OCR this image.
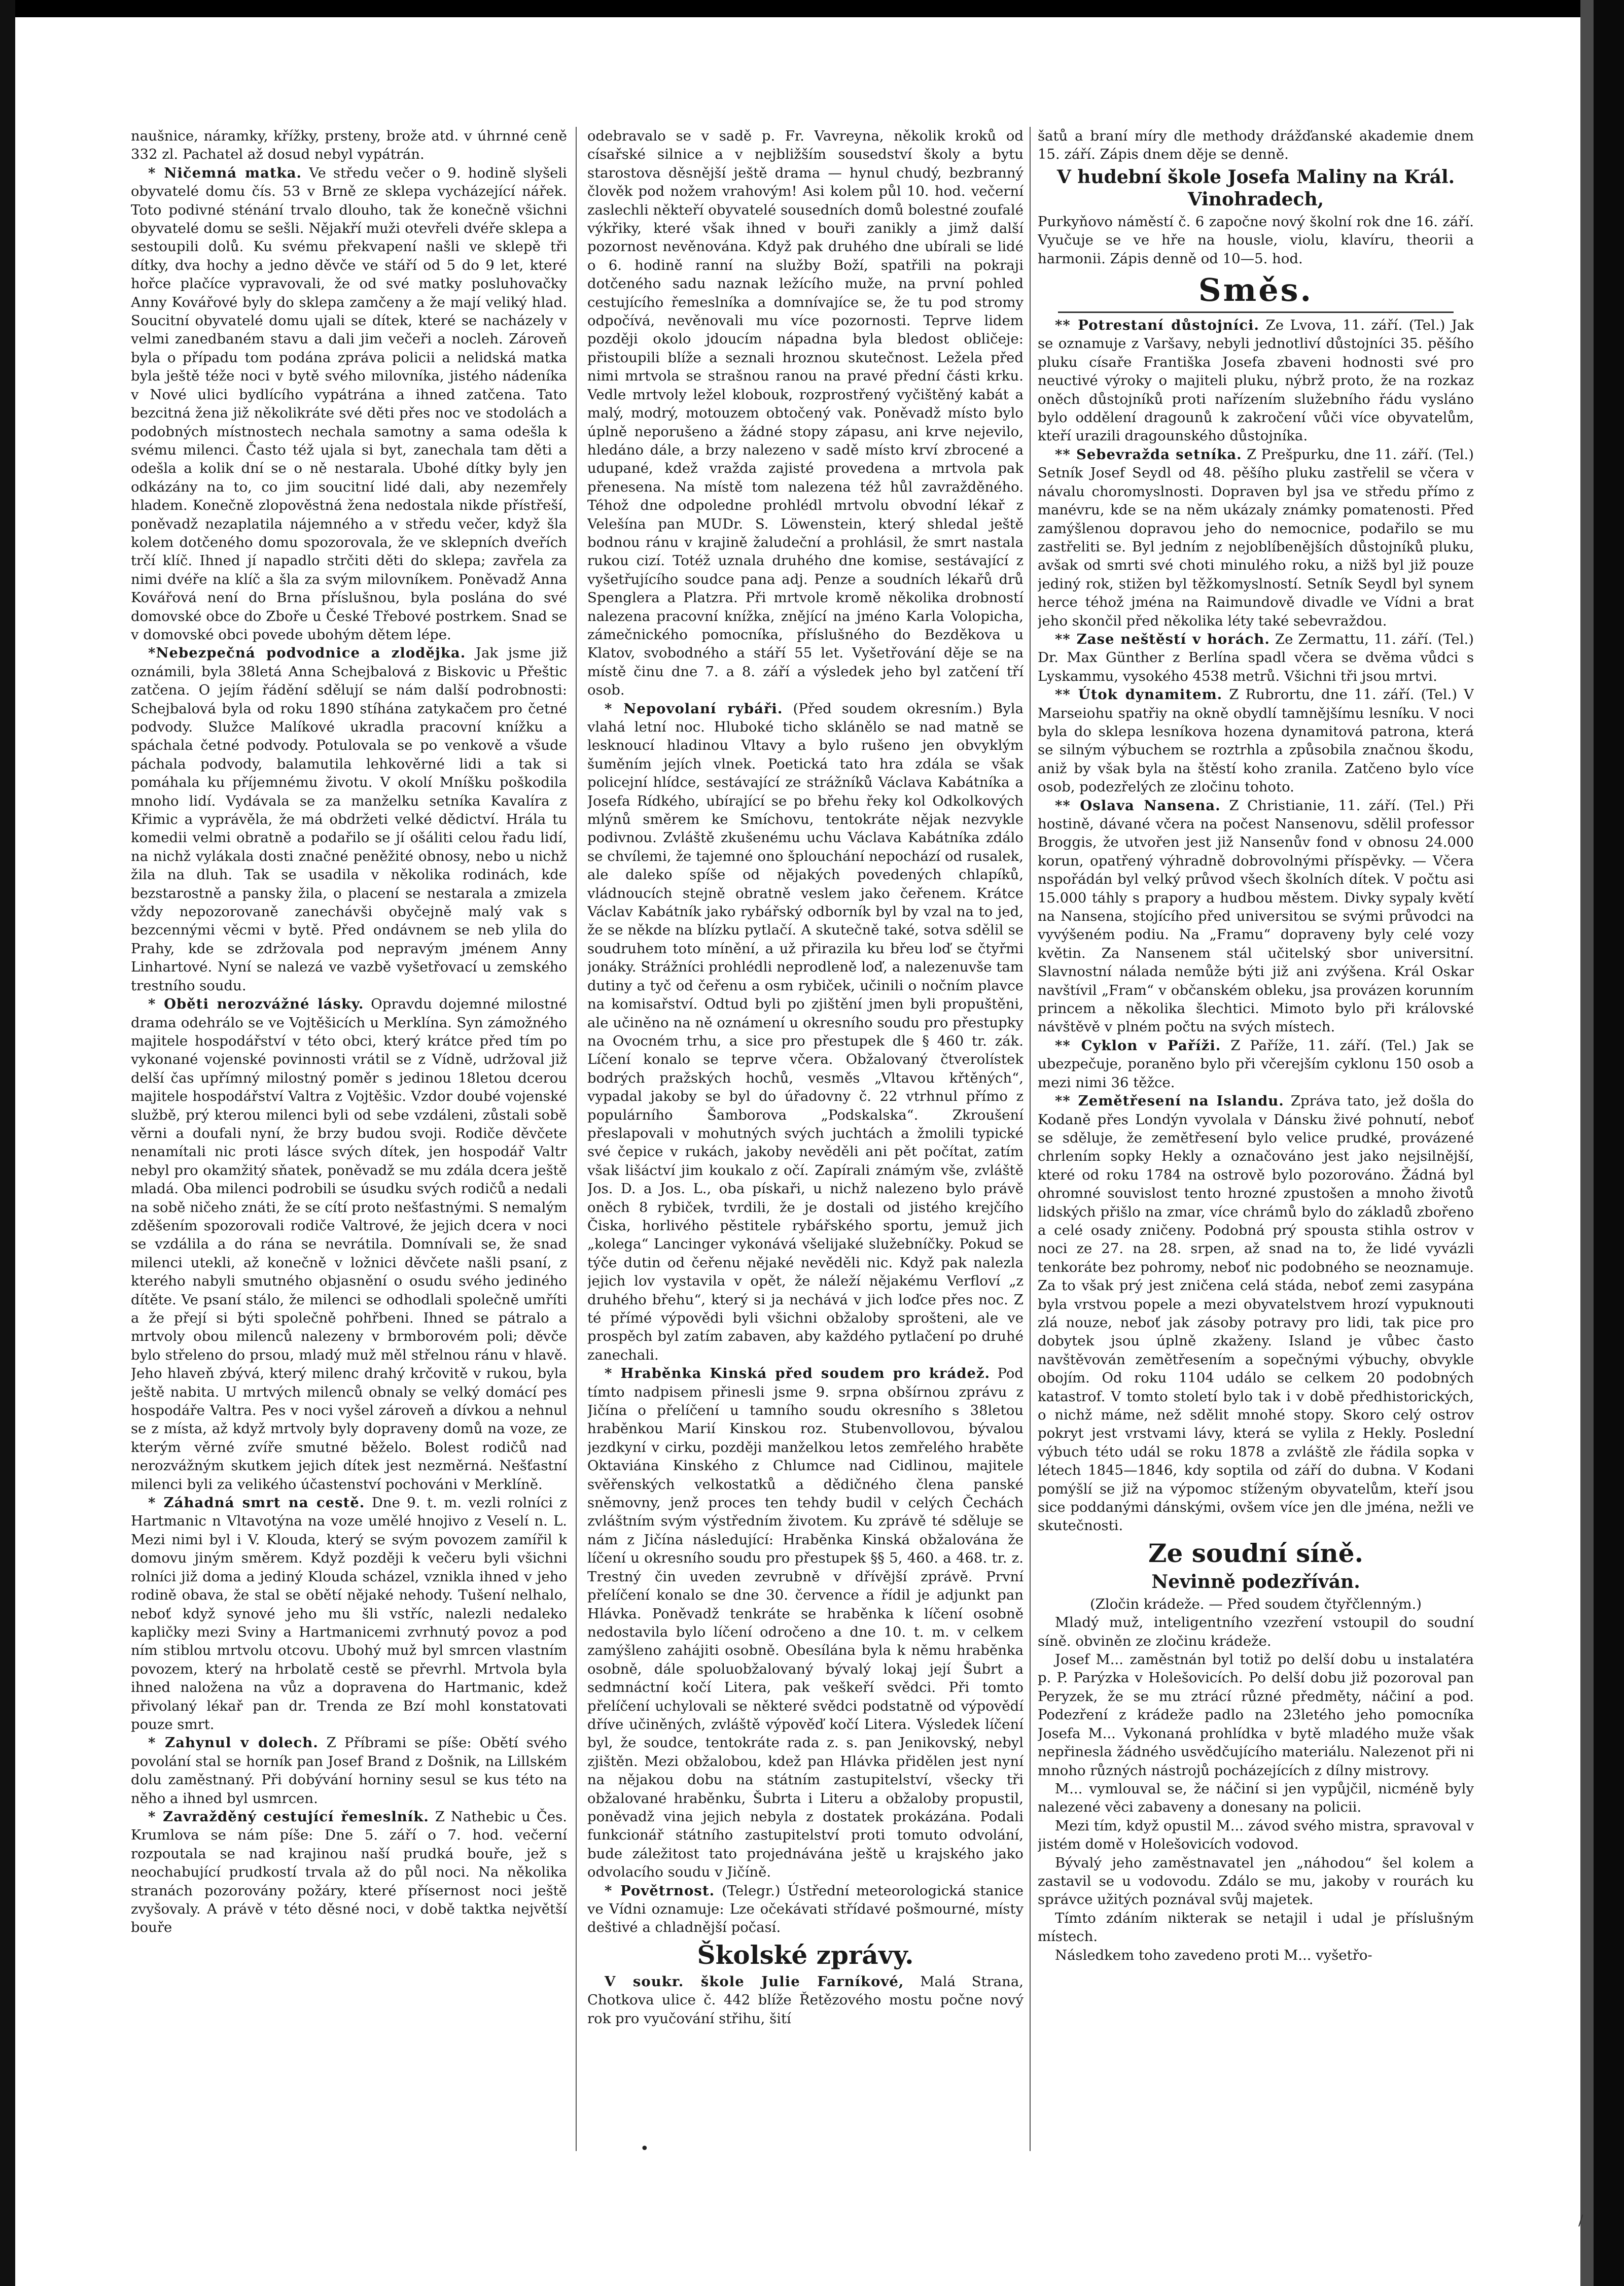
naušnice, náramky, křížky, prsteny, brože atd. v úhrnné ceně 332 zl. Pachatel až dosud nebyl vypátrán.

* Ničemná matka. Ve středu večer o 9. hodině slyšeli obyvatelé domu čís. 53 v Brně ze sklepa vycházející nářek. Toto podivné sténání trvalo dlouho, tak že konečně všichni obyvatelé domu se sešli. Nějakří muži otevřeli dvéře sklepa a sestoupili dolů. Ku svému překvapení našli ve sklepě tři dítky, dva hochy a jedno děvče ve stáří od 5 do 9 let, které hořce plačíce vypravovali, že od své matky posluhovačky Anny Kovářové byly do sklepa zamčeny a že mají veliký hlad. Soucitní obyvatelé domu ujali se dítek, které se nacházely v velmi zanedbaném stavu a dali jim večeři a nocleh. Zároveň byla o případu tom podána zpráva policii a nelidská matka byla ještě téže noci v bytě svého milovníka, jistého nádeníka v Nové ulici bydlícího vypátrána a ihned zatčena. Tato bezcitná žena již několikráte své děti přes noc ve stodolách a podobných místnostech nechala samotny a sama odešla k svému milenci. Často též ujala si byt, zanechala tam děti a odešla a kolik dní se o ně nestarala. Ubohé dítky byly jen odkázány na to, co jim soucitní lidé dali, aby nezemřely hladem. Konečně zlopověstná žena nedostala nikde přístřeší, poněvadž nezaplatila nájemného a v středu večer, když šla kolem dotčeného domu spozorovala, že ve sklepních dveřích trčí klíč. Ihned jí napadlo strčiti děti do sklepa; zavřela za nimi dvéře na klíč a šla za svým milovníkem. Poněvadž Anna Kovářová není do Brna příslušnou, byla poslána do své domovské obce do Zboře u České Třebové postrkem. Snad se v domovské obci povede ubohým dětem lépe.

*Nebezpečná podvodnice a zlodějka. Jak jsme již oznámili, byla 38letá Anna Schejbalová z Biskovic u Přeštic zatčena. O jejím řádění sdělují se nám další podrobnosti: Schejbalová byla od roku 1890 stíhána zatykačem pro četné podvody. Služce Malíkové ukradla pracovní knížku a spáchala četné podvody. Potulovala se po venkově a všude páchala podvody, balamutila lehkověrné lidi a tak si pomáhala ku příjemnému životu. V okolí Mníšku poškodila mnoho lidí. Vydávala se za manželku setníka Kavalíra z Křimic a vyprávěla, že má obdržeti velké dědictví. Hrála tu komedii velmi obratně a podařilo se jí ošáliti celou řadu lidí, na nichž vylákala dosti značné peněžité obnosy, nebo u nichž žila na dluh. Tak se usadila v několika rodinách, kde bezstarostně a pansky žila, o placení se nestarala a zmizela vždy nepozorovaně zanechávši obyčejně malý vak s bezcennými věcmi v bytě. Před ondávnem se neb ylila do Prahy, kde se zdržovala pod nepravým jménem Anny Linhartové. Nyní se nalezá ve vazbě vyšetřovací u zemského trestního soudu.

* Oběti nerozvážné lásky. Opravdu dojemné milostné drama odehrálo se ve Vojtěšicích u Merklína. Syn zámožného majitele hospodářství v této obci, který krátce před tím po vykonané vojenské povinnosti vrátil se z Vídně, udržoval již delší čas upřímný milostný poměr s jedinou 18letou dcerou majitele hospodářství Valtra z Vojtěšic. Vzdor doubé vojenské službě, prý kterou milenci byli od sebe vzdáleni, zůstali sobě věrni a doufali nyní, že brzy budou svoji. Rodiče děvčete nenamítali nic proti lásce svých dítek, jen hospodář Valtr nebyl pro okamžitý sňatek, poněvadž se mu zdála dcera ještě mladá. Oba milenci podrobili se úsudku svých rodičů a nedali na sobě ničeho znáti, že se cítí proto nešťastnými. S nemalým zděšením spozorovali rodiče Valtrové, že jejich dcera v noci se vzdálila a do rána se nevrátila. Domnívali se, že snad milenci utekli, až konečně v ložnici děvčete našli psaní, z kterého nabyli smutného objasnění o osudu svého jediného dítěte. Ve psaní stálo, že milenci se odhodlali společně umříti a že přejí si býti společně pohřbeni. Ihned se pátralo a mrtvoly obou milenců nalezeny v brmborovém poli; děvče bylo střeleno do prsou, mladý muž měl střelnou ránu v hlavě. Jeho hlaveň zbývá, který milenc drahý krčovitě v rukou, byla ještě nabita. U mrtvých milenců obnaly se velký domácí pes hospodáře Valtra. Pes v noci vyšel zároveň a dívkou a nehnul se z místa, až když mrtvoly byly dopraveny domů na voze, ze kterým věrné zvíře smutné běželo. Bolest rodičů nad nerozvážným skutkem jejich dítek jest nezměrná. Nešťastní milenci byli za velikého účastenství pochováni v Merklíně.

* Záhadná smrt na cestě. Dne 9. t. m. vezli rolníci z Hartmanic n Vltavotýna na voze umělé hnojivo z Veselí n. L. Mezi nimi byl i V. Klouda, který se svým povozem zamířil k domovu jiným směrem. Když později k večeru byli všichni rolníci již doma a jediný Klouda scházel, vznikla ihned v jeho rodině obava, že stal se obětí nějaké nehody. Tušení nelhalo, neboť když synové jeho mu šli vstříc, nalezli nedaleko kapličky mezi Sviny a Hartmanicemi zvrhnutý povoz a pod ním stiblou mrtvolu otcovu. Ubohý muž byl smrcen vlastním povozem, který na hrbolatě cestě se převrhl. Mrtvola byla ihned naložena na vůz a dopravena do Hartmanic, kdež přivolaný lékař pan dr. Trenda ze Bzí mohl konstatovati pouze smrt.

* Zahynul v dolech. Z Příbrami se píše: Obětí svého povolání stal se horník pan Josef Brand z Došnik, na Lillském dolu zaměstnaný. Při dobývání horniny sesul se kus této na něho a ihned byl usmrcen.

* Zavražděný cestující řemeslník. Z Nathebic u Čes. Krumlova se nám píše: Dne 5. září o 7. hod. večerní rozpoutala se nad krajinou naší prudká bouře, jež s neochabující prudkostí trvala až do půl noci. Na několika stranách pozorovány požáry, které přísernost noci ještě zvyšovaly. A právě v této děsné noci, v době taktka největší bouře

odebravalo se v sadě p. Fr. Vavreyna, několik kroků od císařské silnice a v nejbližším sousedství školy a bytu starostova děsnější ještě drama — hynul chudý, bezbranný člověk pod nožem vrahovým! Asi kolem půl 10. hod. večerní zaslechli někteří obyvatelé sousedních domů bolestné zoufalé výkřiky, které však ihned v bouři zanikly a jimž další pozornost nevěnována. Když pak druhého dne ubírali se lidé o 6. hodině ranní na služby Boží, spatřili na pokraji dotčeného sadu naznak ležícího muže, na první pohled cestujícího řemeslníka a domnívajíce se, že tu pod stromy odpočívá, nevěnovali mu více pozornosti. Teprve lidem později okolo jdoucím nápadna byla bledost obličeje: přistoupili blíže a seznali hroznou skutečnost. Ležela před nimi mrtvola se strašnou ranou na pravé přední části krku. Vedle mrtvoly ležel klobouk, rozprostřený vyčištěný kabát a malý, modrý, motouzem obtočený vak. Poněvadž místo bylo úplně neporušeno a žádné stopy zápasu, ani krve nejevilo, hledáno dále, a brzy nalezeno v sadě místo krví zbrocené a udupané, kdež vražda zajisté provedena a mrtvola pak přenesena. Na místě tom nalezena též hůl zavražděného. Téhož dne odpoledne prohlédl mrtvolu obvodní lékař z Velešína pan MUDr. S. Löwenstein, který shledal ještě bodnou ránu v krajině žaludeční a prohlásil, že smrt nastala rukou cizí. Totéž uznala druhého dne komise, sestávající z vyšetřujícího soudce pana adj. Penze a soudních lékařů drů Spenglera a Platzra. Při mrtvole kromě několika drobností nalezena pracovní knížka, znějící na jméno Karla Volopicha, zámečnického pomocníka, příslušného do Bezděkova u Klatov, svobodného a stáří 55 let. Vyšetřování děje se na místě činu dne 7. a 8. září a výsledek jeho byl zatčení tří osob.

* Nepovolaní rybáři. (Před soudem okresním.) Byla vlahá letní noc. Hluboké ticho sklánělo se nad matně se lesknoucí hladinou Vltavy a bylo rušeno jen obvyklým šuměním jejích vlnek. Poetická tato hra zdála se však policejní hlídce, sestávající ze strážníků Václava Kabátníka a Josefa Rídkého, ubírající se po břehu řeky kol Odkolkových mlýnů směrem ke Smíchovu, tentokráte nějak nezvykle podivnou. Zvláště zkušenému uchu Václava Kabátníka zdálo se chvílemi, že tajemné ono šplouchání nepochází od rusalek, ale daleko spíše od nějakých povedených chlapíků, vládnoucích stejně obratně veslem jako čeřenem. Krátce Václav Kabátník jako rybářský odborník byl by vzal na to jed, že se někde na blízku pytlačí. A skutečně také, sotva sdělil se soudruhem toto mínění, a už přirazila ku břeu loď se čtyřmi jonáky. Strážníci prohlédli neprodleně loď, a nalezenuvše tam dutiny a tyč od čeřenu a osm rybiček, učinili o nočním plavce na komisařství. Odtud byli po zjištění jmen byli propuštěni, ale učiněno na ně oznámení u okresního soudu pro přestupky na Ovocném trhu, a sice pro přestupek dle § 460 tr. zák. Líčení konalo se teprve včera. Obžalovaný čtverolístek bodrých pražských hochů, vesměs „Vltavou křtěných“, vypadal jakoby se byl do úřadovny č. 22 vtrhnul přímo z populárního Šamborova „Podskalska“. Zkroušení přeslapovali v mohutných svých juchtách a žmolili typické své čepice v rukách, jakoby nevěděli ani pět počítat, zatím však lišáctví jim koukalo z očí. Zapírali známým vše, zvláště Jos. D. a Jos. L., oba pískaři, u nichž nalezeno bylo právě oněch 8 rybiček, tvrdili, že je dostali od jistého krejčího Čiska, horlivého pěstitele rybářského sportu, jemuž jich „kolega“ Lancinger vykonává všelijaké služebníčky. Pokud se týče dutin od čeřenu nějaké nevěděli nic. Když pak nalezla jejich lov vystavila v opět, že náleží nějakému Verfloví „z druhého břehu“, který si ja nechává v jich loďce přes noc. Z té přímé výpovědi byli všichni obžaloby sprošteni, ale ve prospěch byl zatím zabaven, aby každého pytlačení po druhé zanechali.

* Hraběnka Kinská před soudem pro krádež. Pod tímto nadpisem přinesli jsme 9. srpna obšírnou zprávu z Jičína o přelíčení u tamního soudu okresního s 38letou hraběnkou Marií Kinskou roz. Stubenvollovou, bývalou jezdkyní v cirku, později manželkou letos zemřelého hraběte Oktaviána Kinského z Chlumce nad Cidlinou, majitele svěřenských velkostatků a dědičného člena panské sněmovny, jenž proces ten tehdy budil v celých Čechách zvláštním svým výstředním životem. Ku zprávě té sděluje se nám z Jičína následující: Hraběnka Kinská obžalována že líčení u okresního soudu pro přestupek §§ 5, 460. a 468. tr. z. Trestný čin uveden zevrubně v dřívější zprávě. První přelíčení konalo se dne 30. července a řídil je adjunkt pan Hlávka. Poněvadž tenkráte se hraběnka k líčení osobně nedostavila bylo líčení odročeno a dne 10. t. m. v celkem zamýšleno zahájiti osobně. Obesílána byla k němu hraběnka osobně, dále spoluobžalovaný bývalý lokaj její Šubrt a sedmnáctní kočí Litera, pak veškeří svědci. Při tomto přelíčení uchylovali se některé svědci podstatně od výpovědí dříve učiněných, zvláště výpověď kočí Litera. Výsledek líčení byl, že soudce, tentokráte rada z. s. pan Jenikovský, nebyl zjištěn. Mezi obžalobou, kdež pan Hlávka přidělen jest nyní na nějakou dobu na státním zastupitelství, všecky tři obžalované hraběnku, Šubrta i Literu a obžaloby propustil, poněvadž vina jejich nebyla z dostatek prokázána. Podali funkcionář státního zastupitelství proti tomuto odvolání, bude záležitost tato projednávána ještě u krajského jako odvolacího soudu v Jičíně.

* Povětrnost. (Telegr.) Ústřední meteorologická stanice ve Vídni oznamuje: Lze očekávati střídavé pošmourné, místy deštivé a chladnější počasí.

Školské zprávy.

V soukr. škole Julie Farníkové, Malá Strana, Chotkova ulice č. 442 blíže Řetězového mostu počne nový rok pro vyučování střihu, šití

šatů a braní míry dle methody drážďanské akademie dnem 15. září. Zápis dnem děje se denně.

V hudební škole Josefa Maliny na Král. Vinohradech,

Purkyňovo náměstí č. 6 započne nový školní rok dne 16. září. Vyučuje se ve hře na housle, violu, klavíru, theorii a harmonii. Zápis denně od 10—5. hod.

Směs.

** Potrestaní důstojníci. Ze Lvova, 11. září. (Tel.) Jak se oznamuje z Varšavy, nebyli jednotliví důstojníci 35. pěšího pluku císaře Františka Josefa zbaveni hodnosti své pro neuctivé výroky o majiteli pluku, nýbrž proto, že na rozkaz oněch důstojníků proti nařízením služebního řádu vysláno bylo oddělení dragounů k zakročení vůči více obyvatelům, kteří urazili dragounského důstojníka.

** Sebevražda setníka. Z Prešpurku, dne 11. září. (Tel.) Setník Josef Seydl od 48. pěšího pluku zastřelil se včera v návalu choromyslnosti. Dopraven byl jsa ve středu přímo z manévru, kde se na něm ukázaly známky pomatenosti. Před zamýšlenou dopravou jeho do nemocnice, podařilo se mu zastřeliti se. Byl jedním z nejoblíbenějších důstojníků pluku, avšak od smrti své choti minulého roku, a nižš byl již pouze jediný rok, stižen byl těžkomyslností. Setník Seydl byl synem herce téhož jména na Raimundově divadle ve Vídni a brat jeho skončil před několika léty také sebevraždou.

** Zase neštěstí v horách. Ze Zermattu, 11. září. (Tel.) Dr. Max Günther z Berlína spadl včera se dvěma vůdci s Lyskammu, vysokého 4538 metrů. Všichni tři jsou mrtvi.

** Útok dynamitem. Z Rubrortu, dne 11. září. (Tel.) V Marseiohu spatřiy na okně obydlí tamnějšímu lesníku. V noci byla do sklepa lesníkova hozena dynamitová patrona, která se silným výbuchem se roztrhla a způsobila značnou škodu, aniž by však byla na štěstí koho zranila. Zatčeno bylo více osob, podezřelých ze zločinu tohoto.

** Oslava Nansena. Z Christianie, 11. září. (Tel.) Při hostině, dávané včera na počest Nansenovu, sdělil professor Broggis, že utvořen jest již Nansenův fond v obnosu 24.000 korun, opatřený výhradně dobrovolnými příspěvky. — Včera nspořádán byl velký průvod všech školních dítek. V počtu asi 15.000 táhly s prapory a hudbou městem. Divky sypaly květí na Nansena, stojícího před universitou se svými průvodci na vyvýšeném podiu. Na „Framu“ dopraveny byly celé vozy květin. Za Nansenem stál učitelský sbor universitní. Slavnostní nálada nemůže býti již ani zvýšena. Král Oskar navštívil „Fram“ v občanském obleku, jsa provázen korunním princem a několika šlechtici. Mimoto bylo při královské návštěvě v plném počtu na svých místech.

** Cyklon v Paříži. Z Paříže, 11. září. (Tel.) Jak se ubezpečuje, poraněno bylo při včerejším cyklonu 150 osob a mezi nimi 36 těžce.

** Zemětřesení na Islandu. Zpráva tato, jež došla do Kodaně přes Londýn vyvolala v Dánsku živé pohnutí, neboť se sděluje, že zemětřesení bylo velice prudké, provázené chrlením sopky Hekly a označováno jest jako nejsilnější, které od roku 1784 na ostrově bylo pozorováno. Žádná byl ohromné souvislost tento hrozné zpustošen a mnoho životů lidských přišlo na zmar, více chrámů bylo do základů zbořeno a celé osady zničeny. Podobná prý spousta stihla ostrov v noci ze 27. na 28. srpen, až snad na to, že lidé vyvázli tenkoráte bez pohromy, neboť nic podobného se neoznamuje. Za to však prý jest zničena celá stáda, neboť zemi zasypána byla vrstvou popele a mezi obyvatelstvem hrozí vypuknouti zlá nouze, neboť jak zásoby potravy pro lidi, tak pice pro dobytek jsou úplně zkaženy. Island je vůbec často navštěvován zemětřesením a sopečnými výbuchy, obvykle obojím. Od roku 1104 událo se celkem 20 podobných katastrof. V tomto století bylo tak i v době předhistorických, o nichž máme, než sdělit mnohé stopy. Skoro celý ostrov pokryt jest vrstvami lávy, která se vylila z Hekly. Poslední výbuch této udál se roku 1878 a zvláště zle řádila sopka v létech 1845—1846, kdy soptila od září do dubna. V Kodani pomýšlí se již na výpomoc stíženým obyvatelům, kteří jsou sice poddanými dánskými, ovšem více jen dle jména, nežli ve skutečnosti.

Ze soudní síně.
Nevinně podezříván.

(Zločin krádeže. — Před soudem čtyřčlenným.)

Mladý muž, inteligentního vzezření vstoupil do soudní síně. obviněn ze zločinu krádeže.

Josef M... zaměstnán byl totiž po delší dobu u instalatéra p. P. Parýzka v Holešovicích. Po delší dobu již pozoroval pan Peryzek, že se mu ztrácí různé předměty, náčiní a pod. Podezření z krádeže padlo na 23letého jeho pomocníka Josefa M... Vykonaná prohlídka v bytě mladého muže však nepřinesla žádného usvědčujícího materiálu. Nalezenot při ni mnoho různých nástrojů pocházejících z dílny mistrovy.

M... vymlouval se, že náčiní si jen vypůjčil, nicméně byly nalezené věci zabaveny a donesany na policii.

Mezi tím, když opustil M... závod svého mistra, spravoval v jistém domě v Holešovicích vodovod.

Bývalý jeho zaměstnavatel jen „náhodou“ šel kolem a zastavil se u vodovodu. Zdálo se mu, jakoby v rourách ku správce užitých poznával svůj majetek.

Tímto zdáním nikterak se netajil i udal je příslušným místech.

Následkem toho zavedeno proti M... vyšetřo-

•
/
